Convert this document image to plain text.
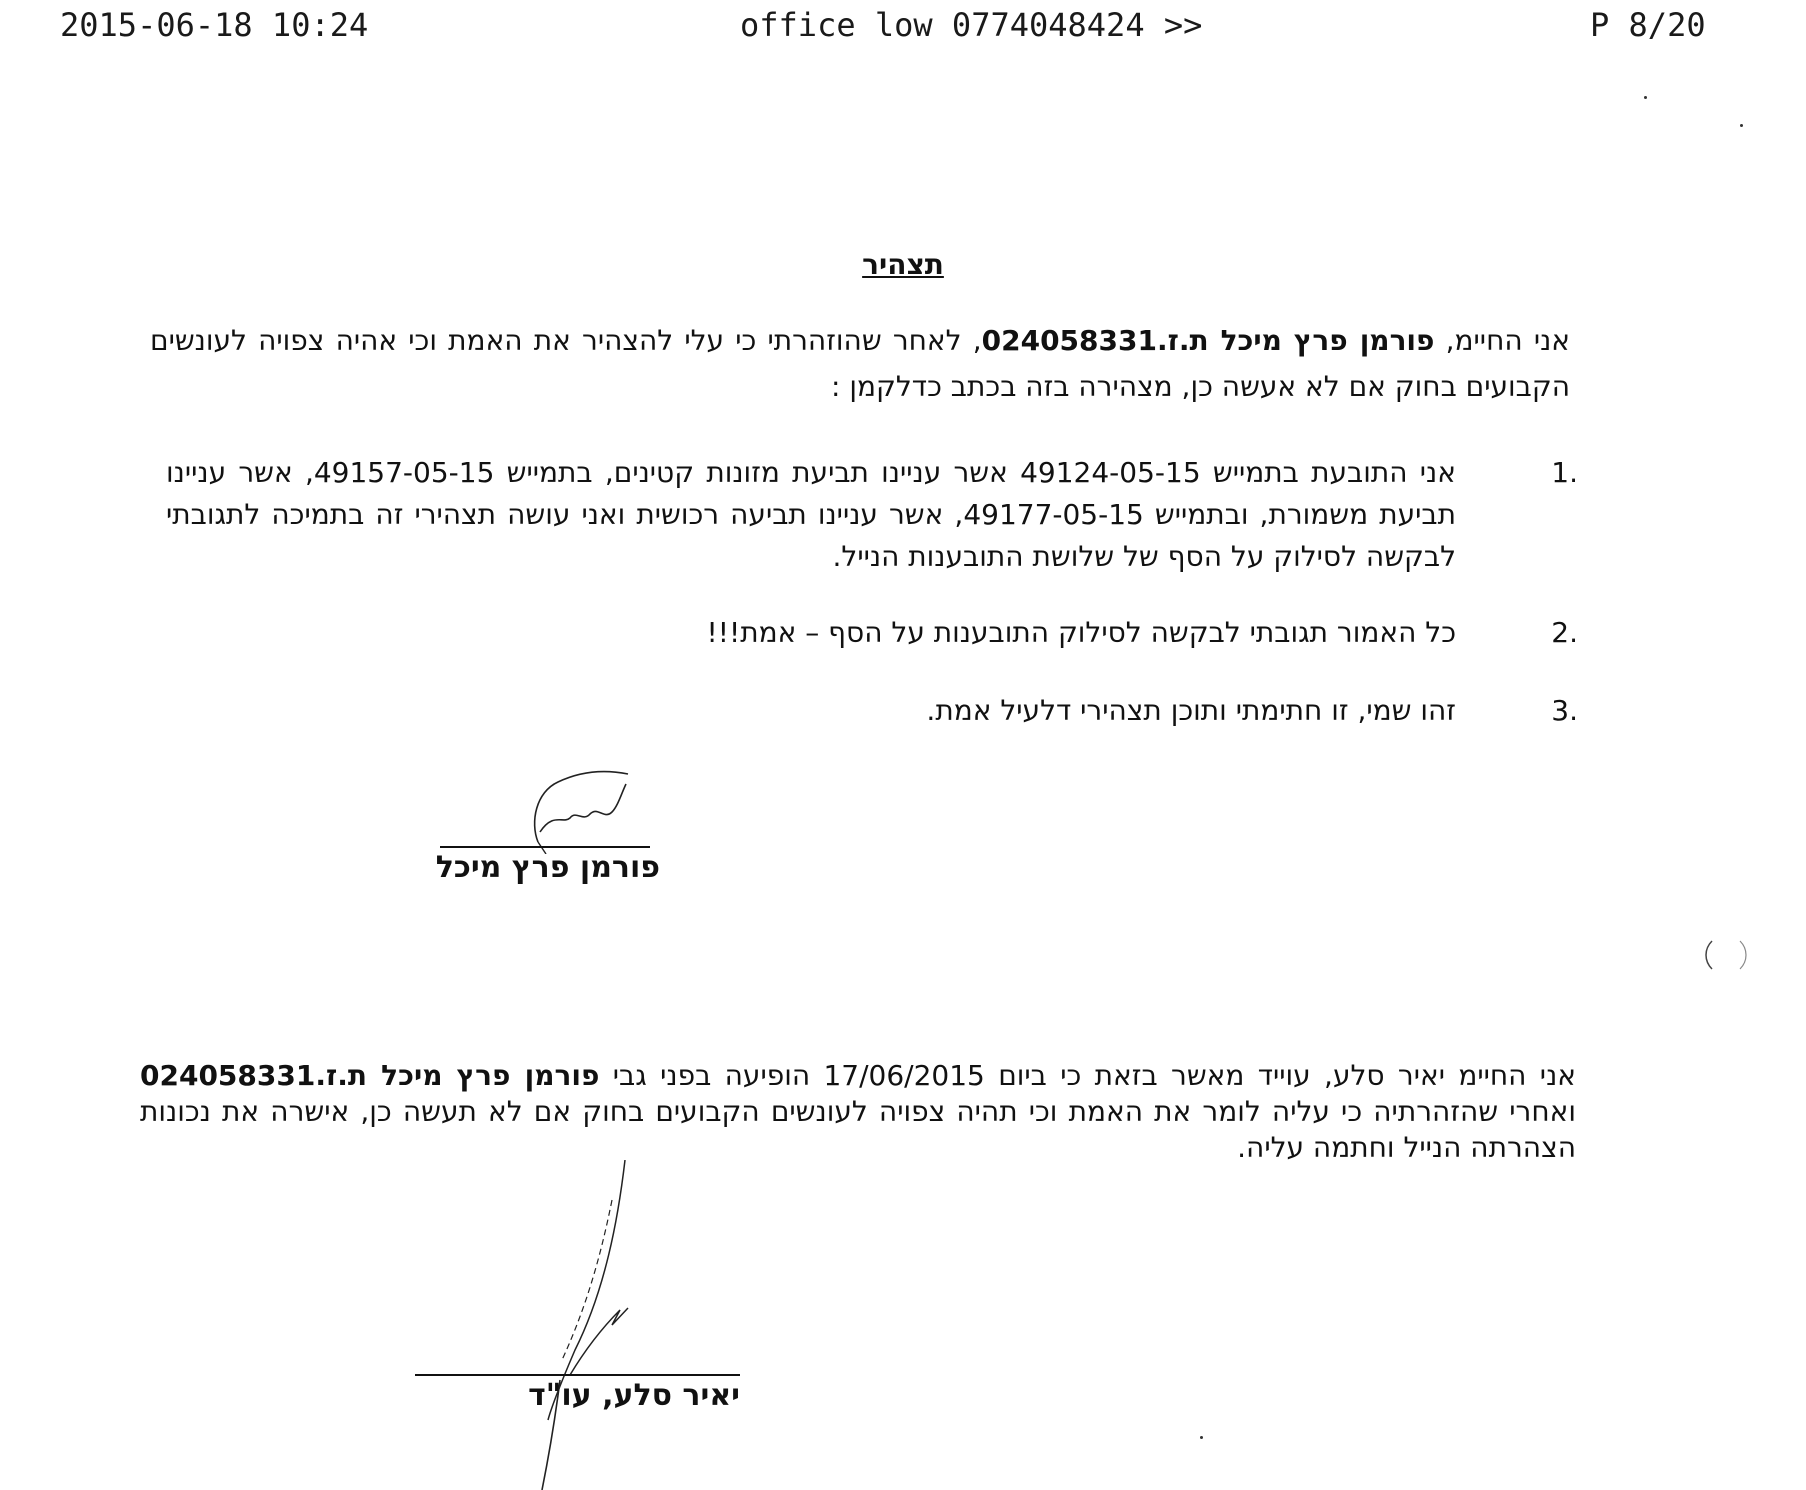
2015-06-18 10:24	office low 0774048424 >>	P 8/20
תצהיר
אני החיימ, פורמן פרץ מיכל ת.ז.024058331, לאחר שהוזהרתי כי עלי להצהיר את האמת וכי אהיה צפויה לעונשים הקבועים בחוק אם לא אעשה כן, מצהירה בזה בכתב כדלקמן :
.1
אני התובעת בתמייש 49124-05-15 אשר עניינו תביעת מזונות קטינים, בתמייש 49157-05-15, אשר עניינו תביעת משמורת, ובתמייש 49177-05-15, אשר עניינו תביעה רכושית ואני עושה תצהירי זה בתמיכה לתגובתי לבקשה לסילוק על הסף של שלושת התובענות הנייל.
.2
כל האמור תגובתי לבקשה לסילוק התובענות על הסף – אמת!!!
.3
זהו שמי, זו חתימתי ותוכן תצהירי דלעיל אמת.
פורמן פרץ מיכל
אני החיימ יאיר סלע, עוייד מאשר בזאת כי ביום 17/06/2015 הופיעה בפני גבי פורמן פרץ מיכל ת.ז.024058331 ואחרי שהזהרתיה כי עליה לומר את האמת וכי תהיה צפויה לעונשים הקבועים בחוק אם לא תעשה כן, אישרה את נכונות הצהרתה הנייל וחתמה עליה.
יאיר סלע, עו"ד
